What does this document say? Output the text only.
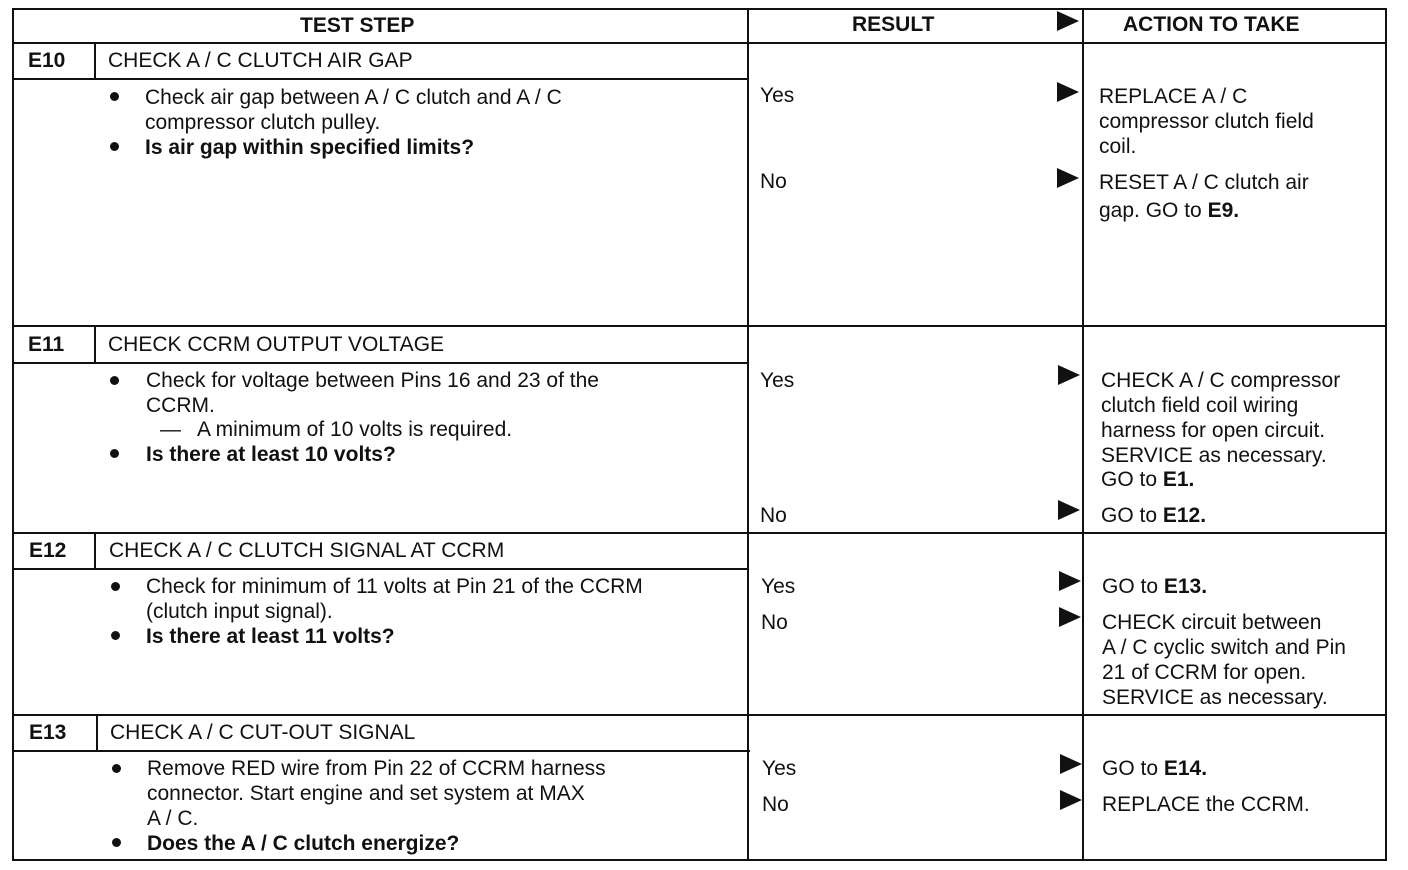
TEST STEP	RESULT	ACTION TO TAKE
E10 CHECK A / C CLUTCH AIR GAP
Check air gap between A / C clutch and A / C
compressor clutch pulley.
Is air gap within specified limits?
Yes	REPLACE A / C
compressor clutch field
coil.
No	RESET A / C clutch air
gap. GO to E9.
E11 CHECK CCRM OUTPUT VOLTAGE
Check for voltage between Pins 16 and 23 of the
CCRM.
— A minimum of 10 volts is required.
Is there at least 10 volts?
Yes	CHECK A / C compressor
clutch field coil wiring
harness for open circuit.
SERVICE as necessary.
GO to E1.
No	GO to E12.
E12 CHECK A / C CLUTCH SIGNAL AT CCRM
Check for minimum of 11 volts at Pin 21 of the CCRM
(clutch input signal).
Is there at least 11 volts?
Yes	GO to E13.
No	CHECK circuit between
A / C cyclic switch and Pin
21 of CCRM for open.
SERVICE as necessary.
E13 CHECK A / C CUT-OUT SIGNAL
Remove RED wire from Pin 22 of CCRM harness
connector. Start engine and set system at MAX
A / C.
Does the A / C clutch energize?
Yes	GO to E14.
No	REPLACE the CCRM.
